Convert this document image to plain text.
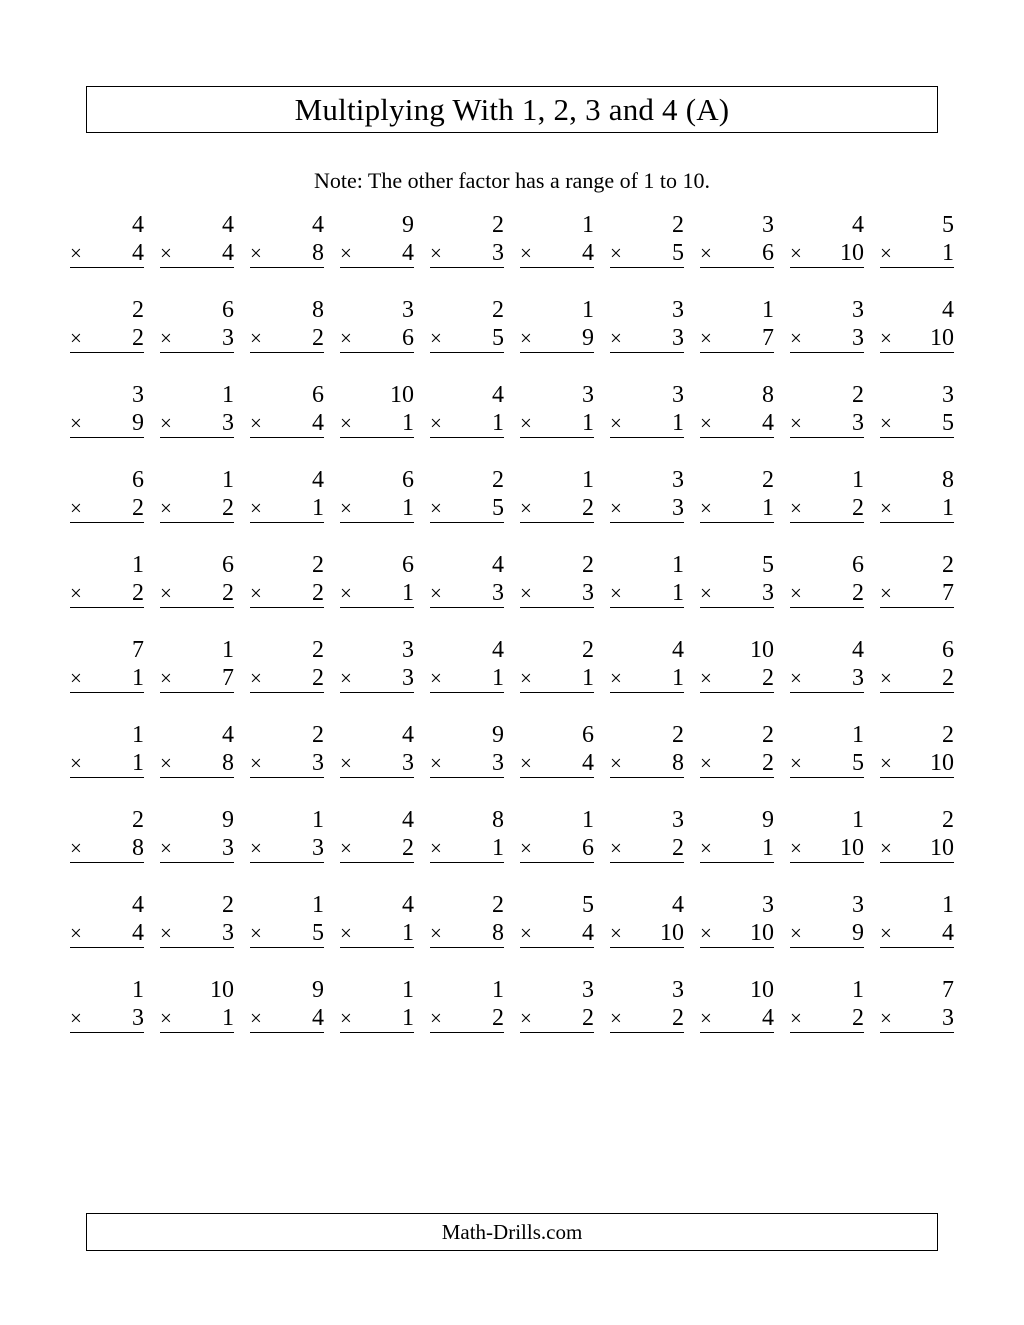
Multiplying With 1, 2, 3 and 4 (A)
Note: The other factor has a range of 1 to 10.
4
× 4
4
× 4
4
× 8
9
× 4
2
× 3
1
× 4
2
× 5
3
× 6
4
× 10
5
× 1
2
× 2
6
× 3
8
× 2
3
× 6
2
× 5
1
× 9
3
× 3
1
× 7
3
× 3
4
× 10
3
× 9
1
× 3
6
× 4
10
× 1
4
× 1
3
× 1
3
× 1
8
× 4
2
× 3
3
× 5
6
× 2
1
× 2
4
× 1
6
× 1
2
× 5
1
× 2
3
× 3
2
× 1
1
× 2
8
× 1
1
× 2
6
× 2
2
× 2
6
× 1
4
× 3
2
× 3
1
× 1
5
× 3
6
× 2
2
× 7
7
× 1
1
× 7
2
× 2
3
× 3
4
× 1
2
× 1
4
× 1
10
× 2
4
× 3
6
× 2
1
× 1
4
× 8
2
× 3
4
× 3
9
× 3
6
× 4
2
× 8
2
× 2
1
× 5
2
× 10
2
× 8
9
× 3
1
× 3
4
× 2
8
× 1
1
× 6
3
× 2
9
× 1
1
× 10
2
× 10
4
× 4
2
× 3
1
× 5
4
× 1
2
× 8
5
× 4
4
× 10
3
× 10
3
× 9
1
× 4
1
× 3
10
× 1
9
× 4
1
× 1
1
× 2
3
× 2
3
× 2
10
× 4
1
× 2
7
× 3
Math-Drills.com
